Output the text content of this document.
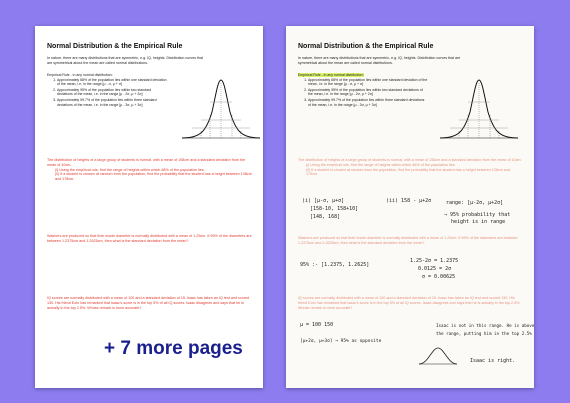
Normal Distribution & the Empirical Rule
In nature, there are many distributions that are symmetric, e.g. IQ, heights. Distribution curves that are symmetrical about the mean are called normal distributions.
Empirical Rule - in any normal distribution:
1. Approximately 68% of the population lies within one standard deviation of the mean, i.e. in the range [μ - σ, μ + σ]
2. Approximately 95% of the population lies within two standard deviations of the mean, i.e. in the range [μ - 2σ, μ + 2σ]
3. Approximately 99.7% of the population lies within three standard deviations of the mean, i.e. in the range [μ - 3σ, μ + 3σ]
The distribution of heights of a large group of students is normal, with a mean of 158cm and a standard deviation from the mean of 10cm.
(i) Using the empirical rule, find the range of heights within which 68% of the population lies.
(ii) If a student is chosen at random from the population, find the probability that the student has a height between 138cm and 178cm.
Washers are produced so that their inside diameter is normally distributed with a mean of 1.25cm. If 95% of the diameters are between 1.2375cm and 1.2625cm, then what is the standard deviation from the mean?
IQ scores are normally distributed with a mean of 100 and a standard deviation of 15. Isaac has taken an IQ test and scored 130. His friend Eoin has remarked that Isaac's score is in the top 5% of all IQ scores. Isaac disagrees and says that he is actually in the top 2.5%. Whose remark is more accurate?
+ 7 more pages
Normal Distribution & the Empirical Rule
In nature, there are many distributions that are symmetric, e.g. IQ, heights. Distribution curves that are symmetrical about the mean are called normal distributions.
Empirical Rule - in any normal distribution:
1. Approximately 68% of the population lies within one standard deviation of the mean, i.e. in the range [μ - σ, μ + σ]
2. Approximately 95% of the population lies within two standard deviations of the mean, i.e. in the range [μ - 2σ, μ + 2σ]
3. Approximately 99.7% of the population lies within three standard deviations of the mean, i.e. in the range [μ - 3σ, μ + 3σ]
The distribution of heights of a large group of students is normal, with a mean of 158cm and a standard deviation from the mean of 10cm.
(i) Using the empirical rule, find the range of heights within which 68% of the population lies.
(ii) If a student is chosen at random from the population, find the probability that the student has a height between 138cm and 178cm.
(i) [μ-σ, μ+σ]
[158-10, 158+10]
[148, 168]
(ii) 158 - μ+2σ	range: [μ-2σ, μ+2σ]
→ 95% probability that
height is in range
Washers are produced so that their inside diameter is normally distributed with a mean of 1.25cm. If 95% of the diameters are between 1.2375cm and 1.2625cm, then what is the standard deviation from the mean?
95% :- [1.2375, 1.2625]
1.25-2σ = 1.2375
0.0125 = 2σ
σ = 0.00625
IQ scores are normally distributed with a mean of 100 and a standard deviation of 15. Isaac has taken an IQ test and scored 130. His friend Eoin has remarked that Isaac's score is in the top 5% of all IQ scores. Isaac disagrees and says that he is actually in the top 2.5%. Whose remark is more accurate?
μ = 100 150
[μ+2σ, μ+3σ] → 95% as opposite
Isaac is not in this range. He is above
the range, putting him in the top 2.5%
Isaac is right.
